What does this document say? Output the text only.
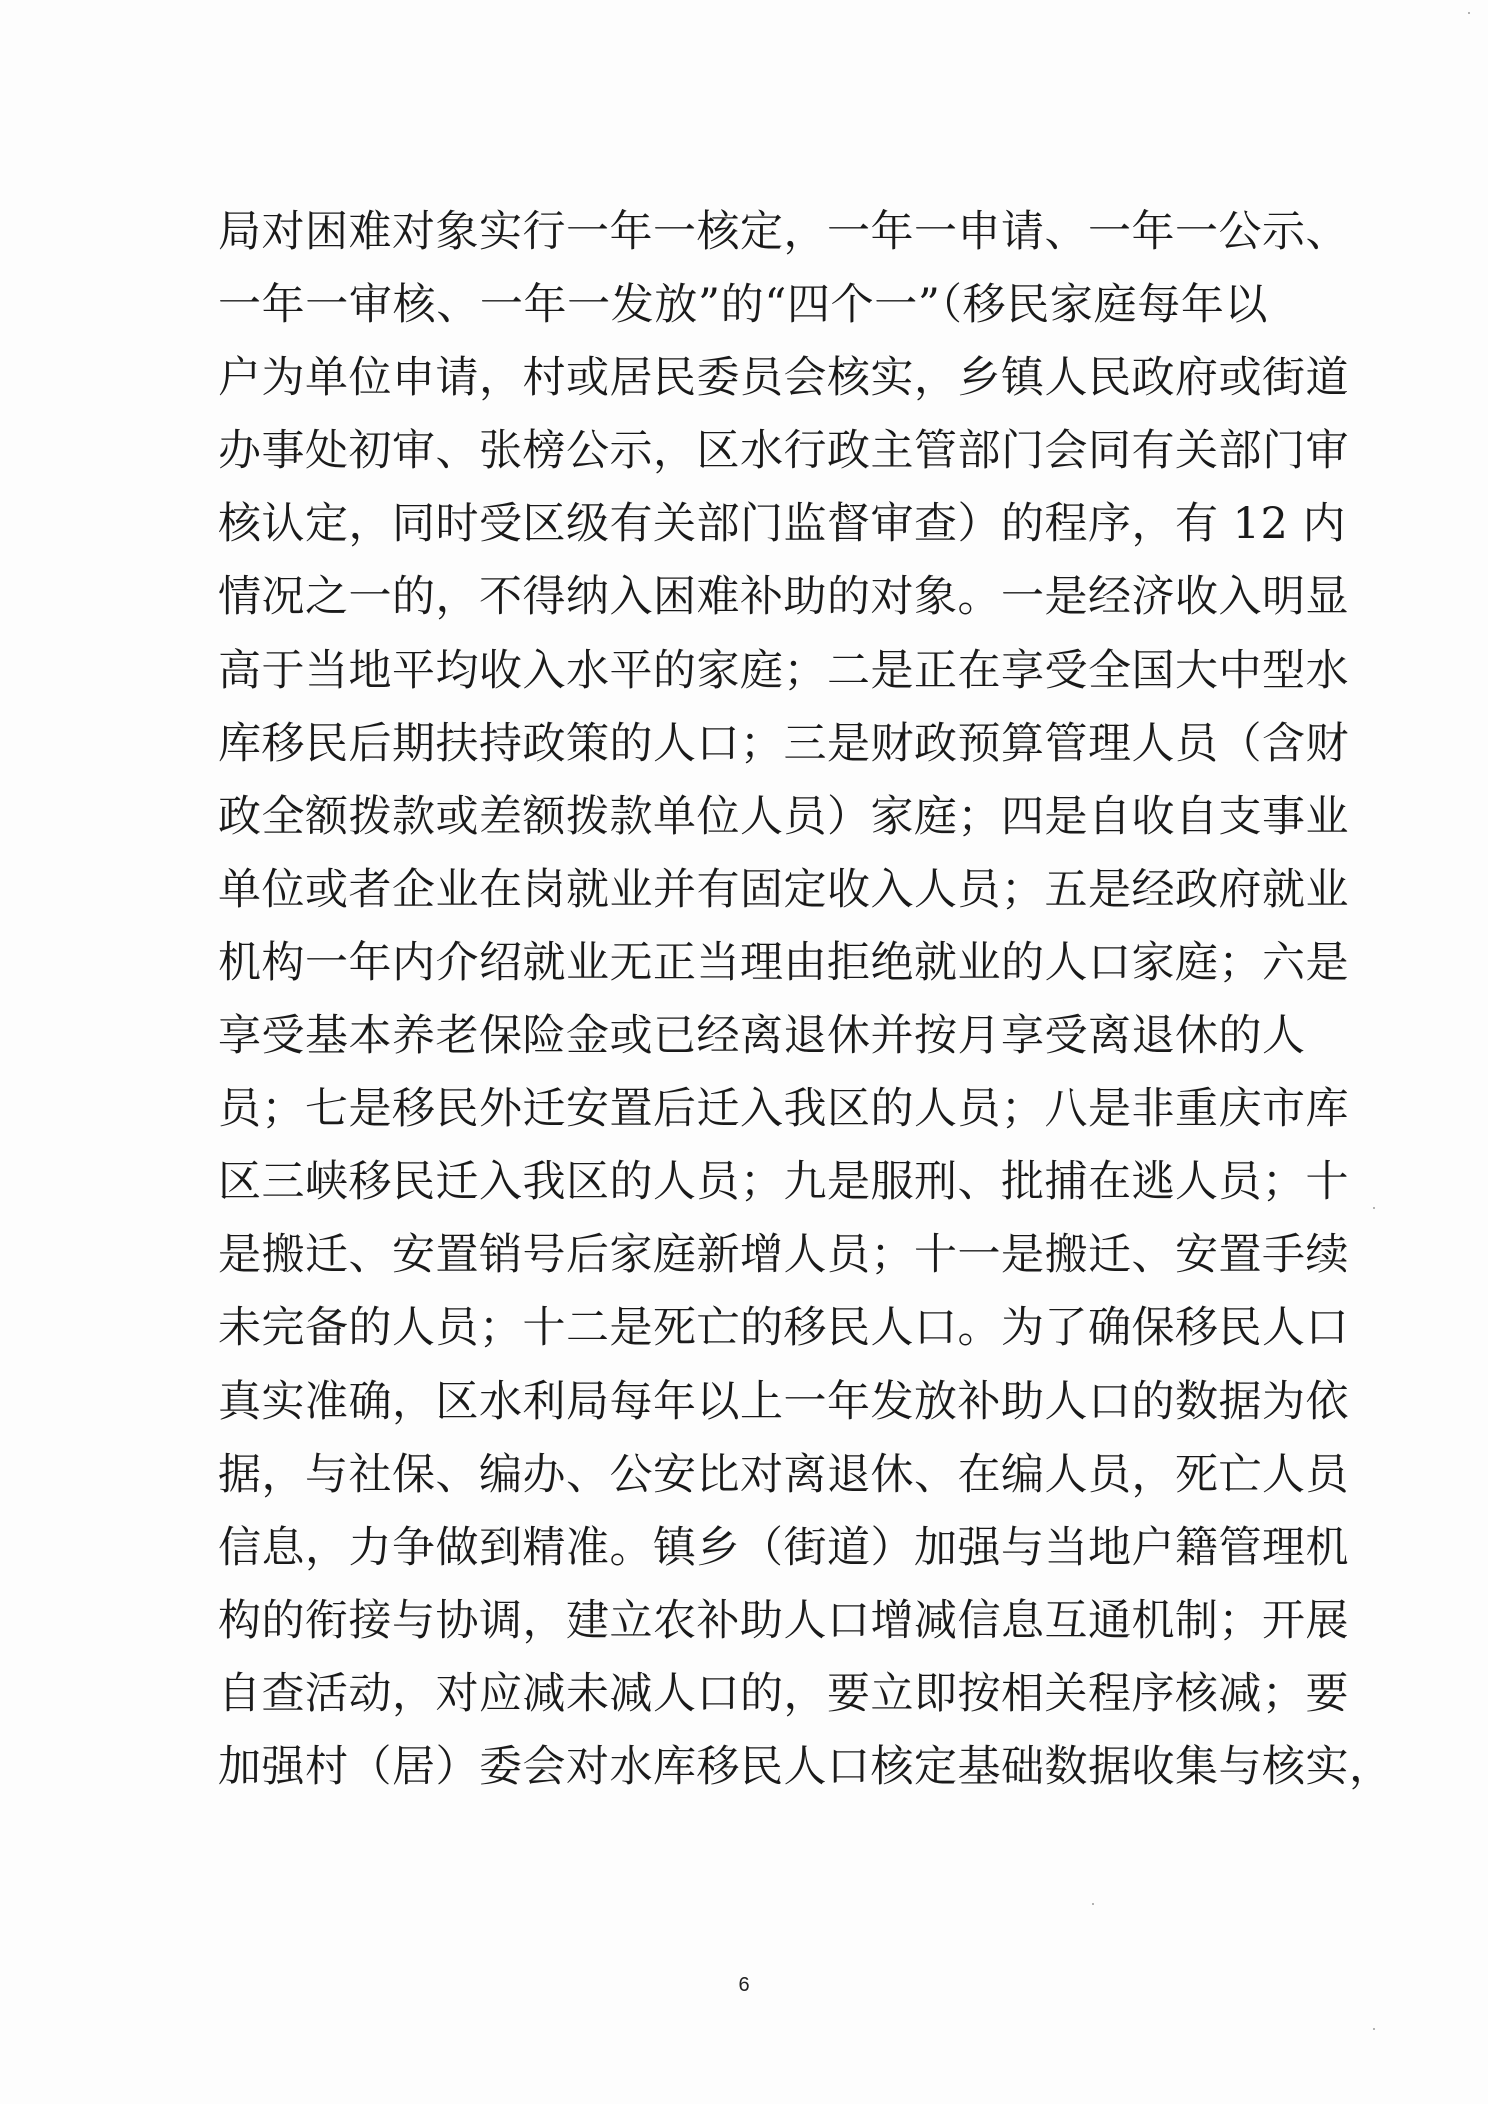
局对困难对象实行一年一核定，一年一申请、一年一公示、
一年一审核、一年一发放”的“四个一”（移民家庭每年以
户为单位申请，村或居民委员会核实，乡镇人民政府或街道
办事处初审、张榜公示，区水行政主管部门会同有关部门审
核认定，同时受区级有关部门监督审查）的程序，有 12 内
情况之一的，不得纳入困难补助的对象。一是经济收入明显
高于当地平均收入水平的家庭；二是正在享受全国大中型水
库移民后期扶持政策的人口；三是财政预算管理人员（含财
政全额拨款或差额拨款单位人员）家庭；四是自收自支事业
单位或者企业在岗就业并有固定收入人员；五是经政府就业
机构一年内介绍就业无正当理由拒绝就业的人口家庭；六是
享受基本养老保险金或已经离退休并按月享受离退休的人
员；七是移民外迁安置后迁入我区的人员；八是非重庆市库
区三峡移民迁入我区的人员；九是服刑、批捕在逃人员；十
是搬迁、安置销号后家庭新增人员；十一是搬迁、安置手续
未完备的人员；十二是死亡的移民人口。为了确保移民人口
真实准确，区水利局每年以上一年发放补助人口的数据为依
据，与社保、编办、公安比对离退休、在编人员，死亡人员
信息，力争做到精准。镇乡（街道）加强与当地户籍管理机
构的衔接与协调，建立农补助人口增减信息互通机制；开展
自查活动，对应减未减人口的，要立即按相关程序核减；要
加强村（居）委会对水库移民人口核定基础数据收集与核实，
6
